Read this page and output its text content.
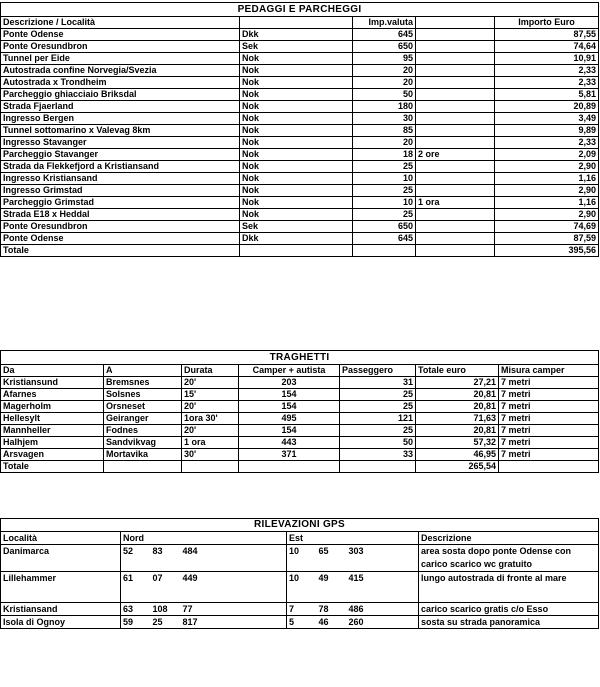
PEDAGGI E PARCHEGGI				
Descrizione / Località		Imp.valuta		Importo Euro
Ponte Odense	Dkk	645		87,55
Ponte Oresundbron	Sek	650		74,64
Tunnel per Eide	Nok	95		10,91
Autostrada confine Norvegia/Svezia	Nok	20		2,33
Autostrada x Trondheim	Nok	20		2,33
Parcheggio ghiacciaio Briksdal	Nok	50		5,81
Strada Fjaerland	Nok	180		20,89
Ingresso Bergen	Nok	30		3,49
Tunnel sottomarino x Valevag 8km	Nok	85		9,89
Ingresso Stavanger	Nok	20		2,33
Parcheggio Stavanger	Nok	18	2 ore	2,09
Strada da Flekkefjord a Kristiansand	Nok	25		2,90
Ingresso Kristiansand	Nok	10		1,16
Ingresso Grimstad	Nok	25		2,90
Parcheggio Grimstad	Nok	10	1 ora	1,16
Strada E18 x Heddal	Nok	25		2,90
Ponte Oresundbron	Sek	650		74,69
Ponte Odense	Dkk	645		87,59
Totale				395,56
TRAGHETTI						
Da	A	Durata	Camper + autista	Passeggero	Totale euro	Misura camper
Kristiansund	Bremsnes	20'	203	31	27,21	7 metri
Afarnes	Solsnes	15'	154	25	20,81	7 metri
Magerholm	Orsneset	20'	154	25	20,81	7 metri
Hellesylt	Geiranger	1ora 30'	495	121	71,63	7 metri
Mannheller	Fodnes	20'	154	25	20,81	7 metri
Halhjem	Sandvikvag	1 ora	443	50	57,32	7 metri
Arsvagen	Mortavika	30'	371	33	46,95	7 metri
Totale					265,54	
RILEVAZIONI GPS							
Località	Nord			Est			Descrizione
Danimarca	52	83	484	10	65	303	area sosta dopo ponte Odense con carico scarico wc gratuito
Lillehammer	61	07	449	10	49	415	lungo autostrada di fronte al mare
Kristiansand	63	108	77	7	78	486	carico scarico gratis c/o Esso
Isola di Ognoy	59	25	817	5	46	260	sosta su strada panoramica
